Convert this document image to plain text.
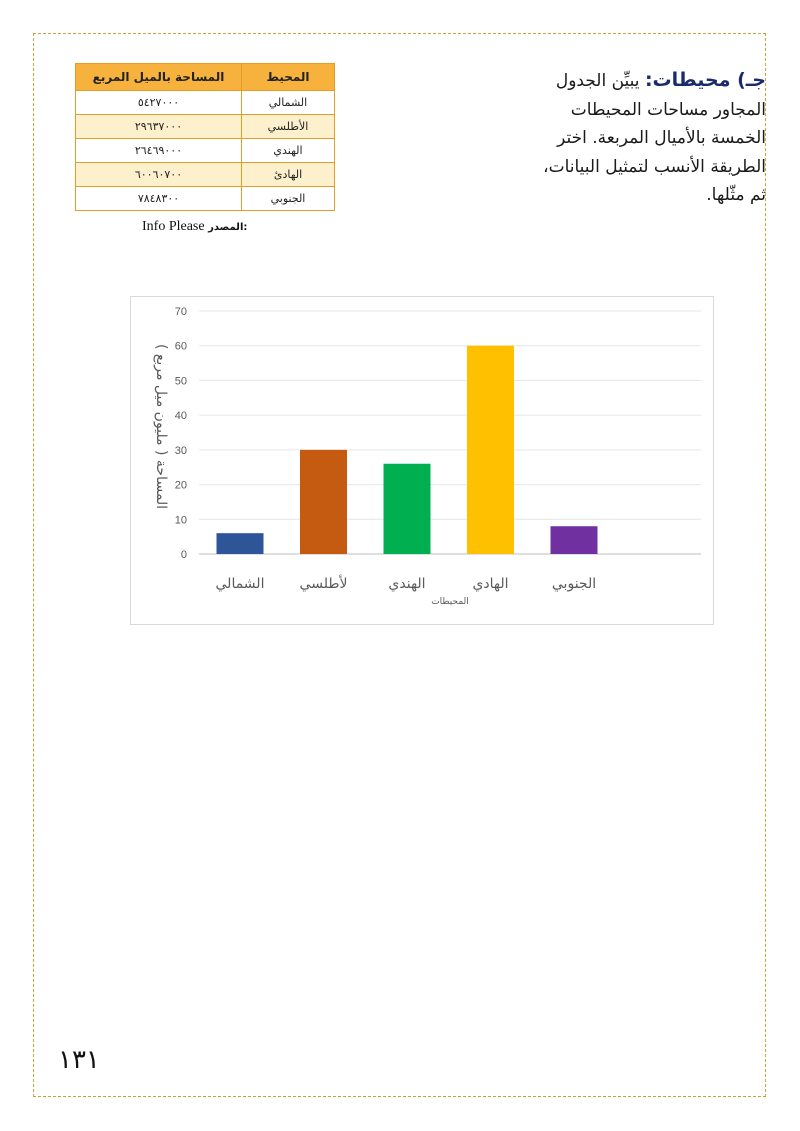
جـ) محيطات: يبيِّن الجدول
المجاور مساحات المحيطات
الخمسة بالأميال المربعة. اختر
الطريقة الأنسب لتمثيل البيانات،
ثم مثّلها.
المحيط	المساحة بالميل المربع
الشمالي	٥٤٢٧٠٠٠
الأطلسي	٢٩٦٣٧٠٠٠
الهندي	٢٦٤٦٩٠٠٠
الهادئ	٦٠٠٦٠٧٠٠
الجنوبي	٧٨٤٨٣٠٠
Info Please المصدر:
0
10
20
30
40
50
60
70
الشمالي	لأطلسي	الهندي	الهادي	الجنوبي
المحيطات
المساحة ( مليون ميل مربع )
١٣١
